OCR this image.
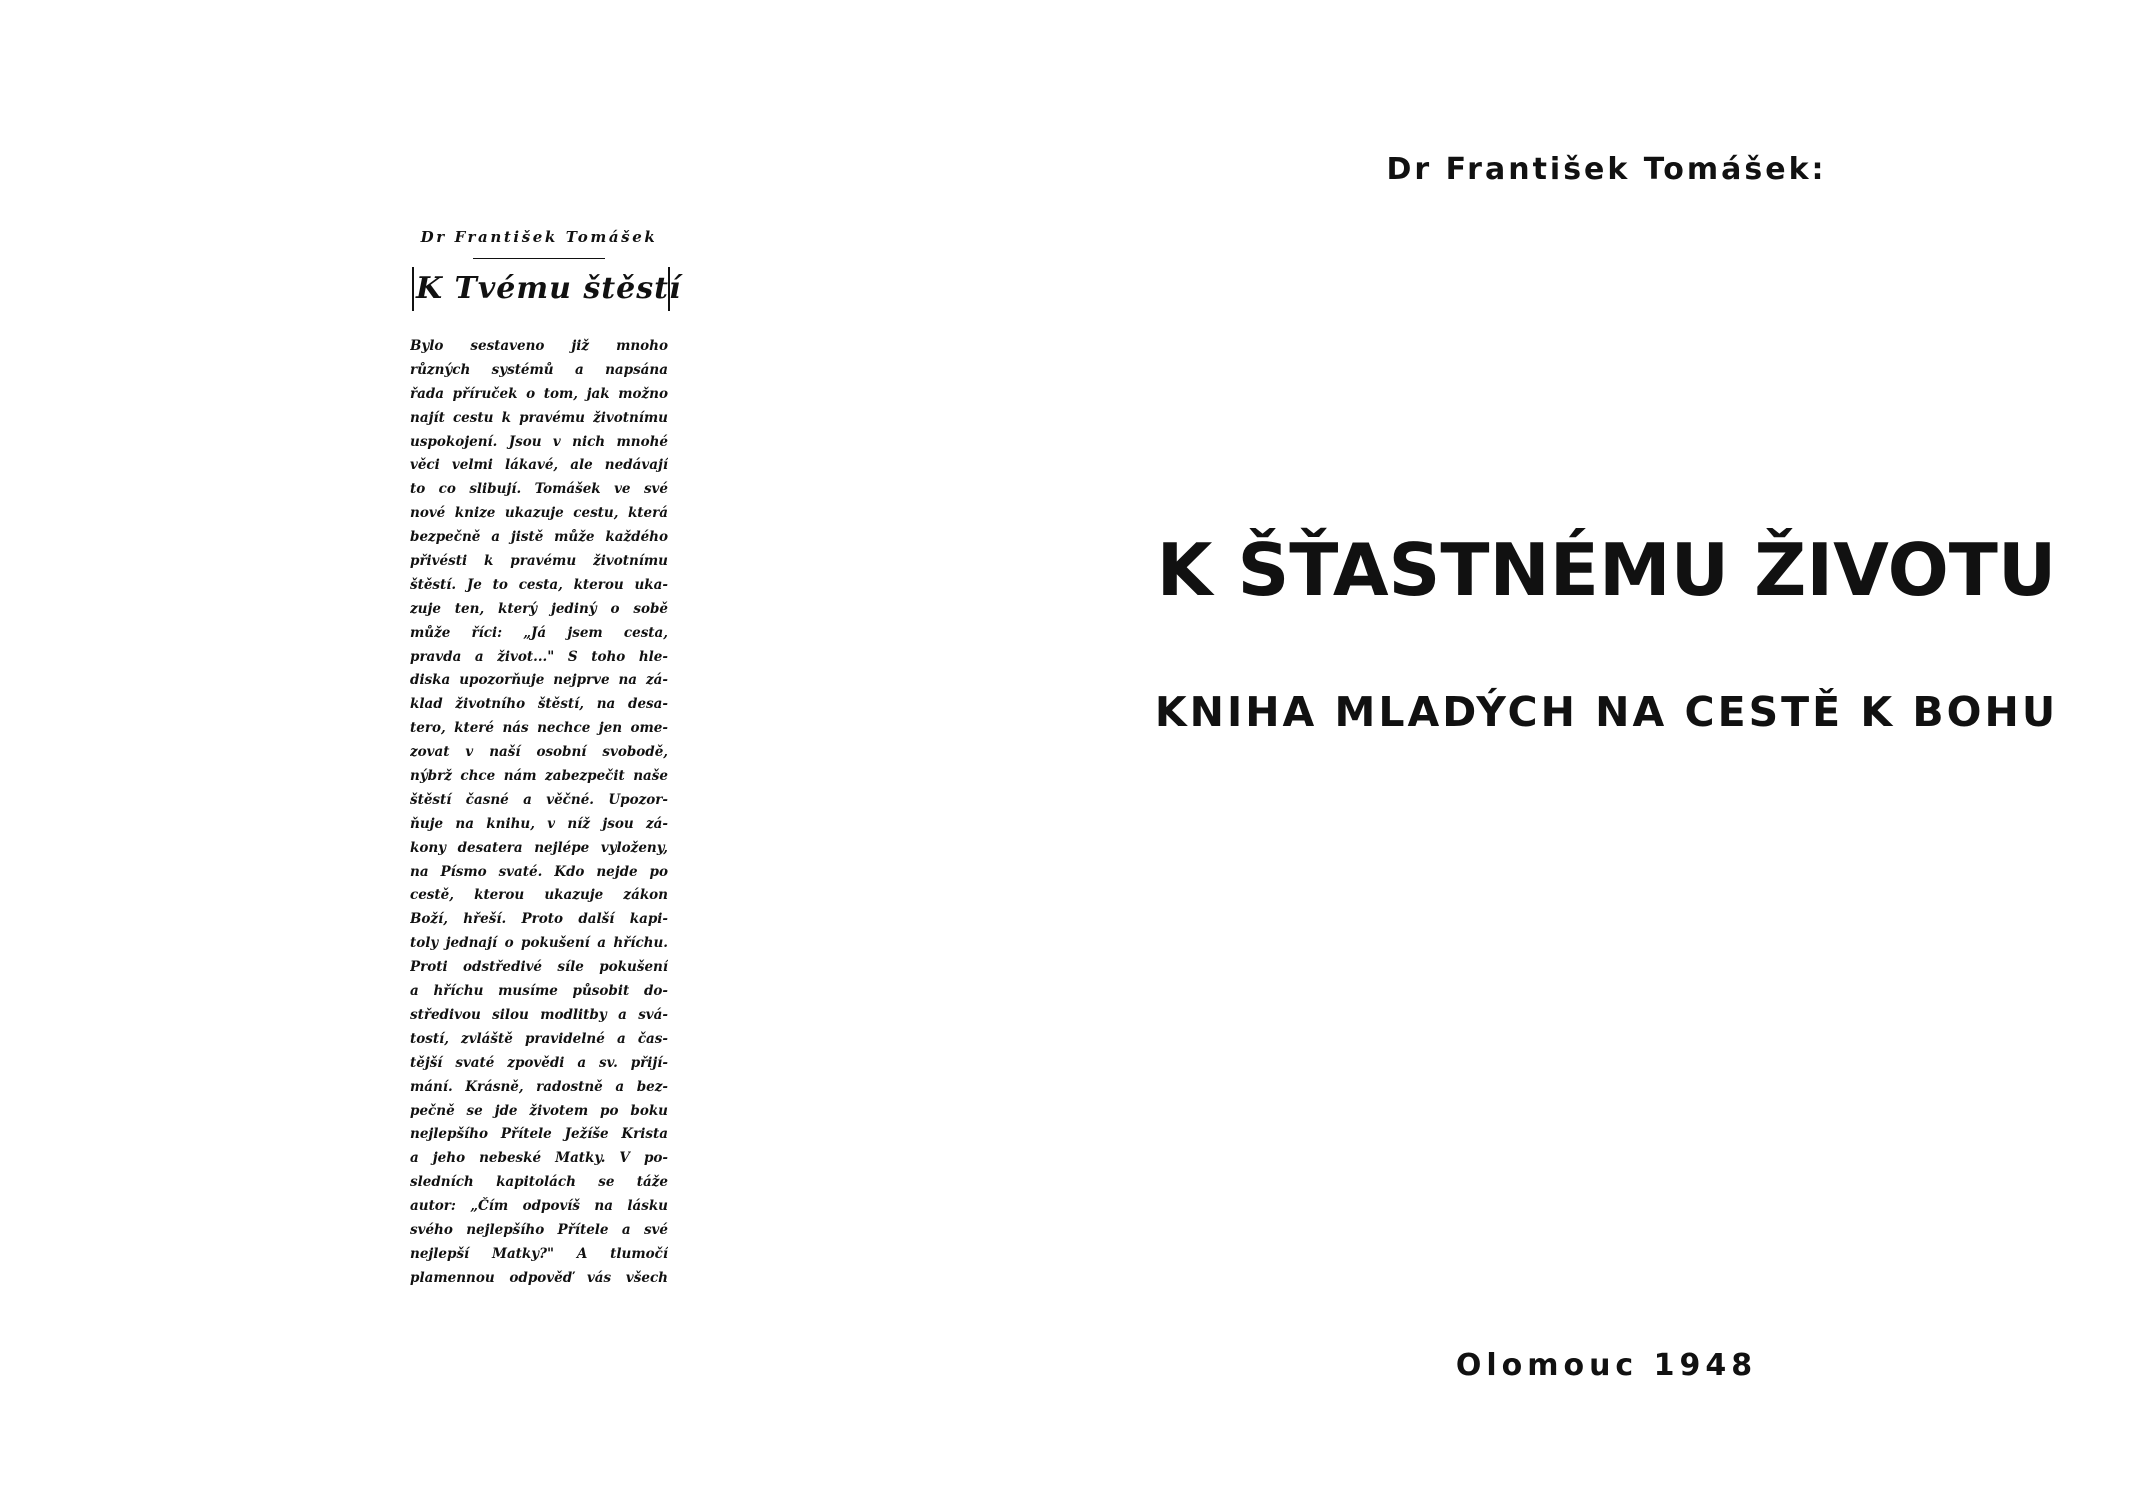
Dr František Tomášek
K Tvému štěstí
Bylo sestaveno již mnoho
různých systémů a napsána
řada příruček o tom, jak možno
najít cestu k pravému životnímu
uspokojení. Jsou v nich mnohé
věci velmi lákavé, ale nedávají
to co slibují. Tomášek ve své
nové knize ukazuje cestu, která
bezpečně a jistě může každého
přivésti k pravému životnímu
štěstí. Je to cesta, kterou uka-
zuje ten, který jediný o sobě
může říci: „Já jsem cesta,
pravda a život..." S toho hle-
diska upozorňuje nejprve na zá-
klad životního štěstí, na desa-
tero, které nás nechce jen ome-
zovat v naší osobní svobodě,
nýbrž chce nám zabezpečit naše
štěstí časné a věčné. Upozor-
ňuje na knihu, v níž jsou zá-
kony desatera nejlépe vyloženy,
na Písmo svaté. Kdo nejde po
cestě, kterou ukazuje zákon
Boží, hřeší. Proto další kapi-
toly jednají o pokušení a hříchu.
Proti odstředivé síle pokušení
a hříchu musíme působit do-
středivou silou modlitby a svá-
tostí, zvláště pravidelné a čas-
tější svaté zpovědi a sv. přijí-
mání. Krásně, radostně a bez-
pečně se jde životem po boku
nejlepšího Přítele Ježíše Krista
a jeho nebeské Matky. V po-
sledních kapitolách se táže
autor: „Čím odpovíš na lásku
svého nejlepšího Přítele a své
nejlepší Matky?" A tlumočí
plamennou odpověď vás všech
Dr František Tomášek:
K ŠŤASTNÉMU ŽIVOTU
KNIHA MLADÝCH NA CESTĚ K BOHU
Olomouc 1948
